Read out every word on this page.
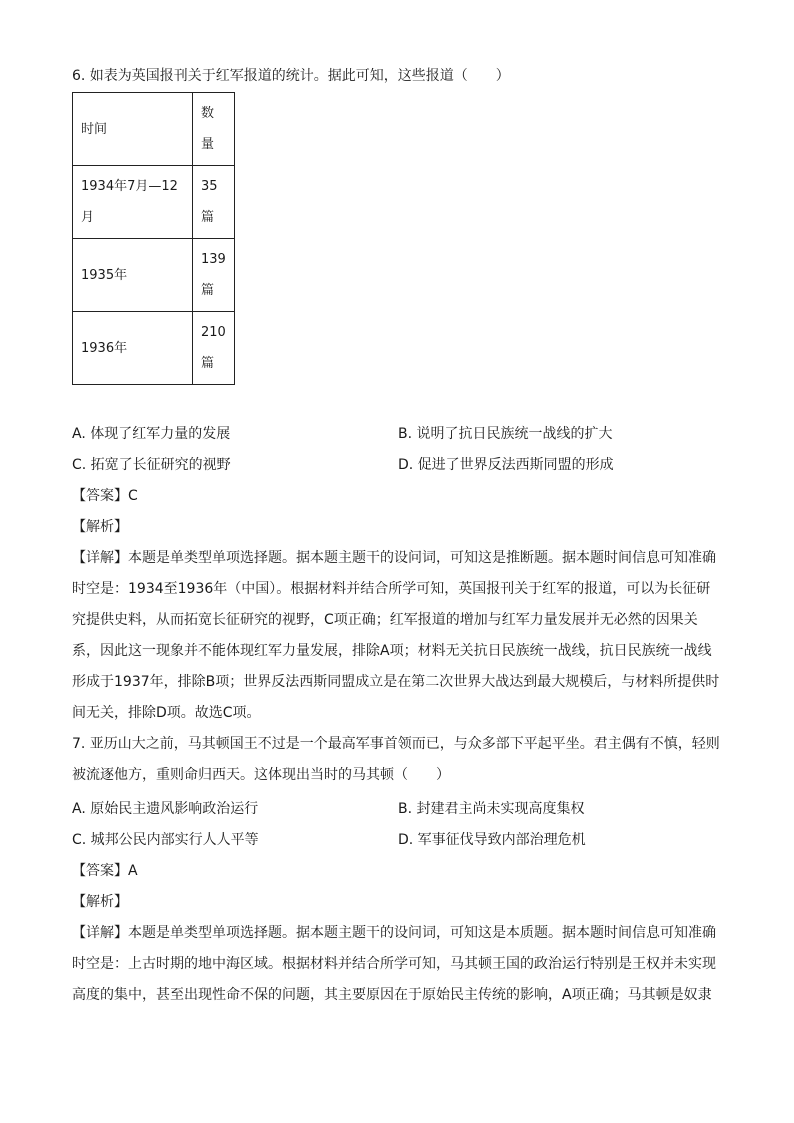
6. 如表为英国报刊关于红军报道的统计。据此可知，这些报道（　　）
时间	数量
1934年7月—12月	35篇
1935年	139篇
1936年	210篇
A. 体现了红军力量的发展	B. 说明了抗日民族统一战线的扩大
C. 拓宽了长征研究的视野	D. 促进了世界反法西斯同盟的形成
【答案】C
【解析】
【详解】本题是单类型单项选择题。据本题主题干的设问词，可知这是推断题。据本题时间信息可知准确时空是：1934至1936年（中国）。根据材料并结合所学可知，英国报刊关于红军的报道，可以为长征研究提供史料，从而拓宽长征研究的视野，C项正确；红军报道的增加与红军力量发展并无必然的因果关系，因此这一现象并不能体现红军力量发展，排除A项；材料无关抗日民族统一战线，抗日民族统一战线形成于1937年，排除B项；世界反法西斯同盟成立是在第二次世界大战达到最大规模后，与材料所提供时间无关，排除D项。故选C项。
7. 亚历山大之前，马其顿国王不过是一个最高军事首领而已，与众多部下平起平坐。君主偶有不慎，轻则被流逐他方，重则命归西天。这体现出当时的马其顿（　　）
A. 原始民主遗风影响政治运行	B. 封建君主尚未实现高度集权
C. 城邦公民内部实行人人平等	D. 军事征伐导致内部治理危机
【答案】A
【解析】
【详解】本题是单类型单项选择题。据本题主题干的设问词，可知这是本质题。据本题时间信息可知准确时空是：上古时期的地中海区域。根据材料并结合所学可知，马其顿王国的政治运行特别是王权并未实现高度的集中，甚至出现性命不保的问题，其主要原因在于原始民主传统的影响，A项正确；马其顿是奴隶
